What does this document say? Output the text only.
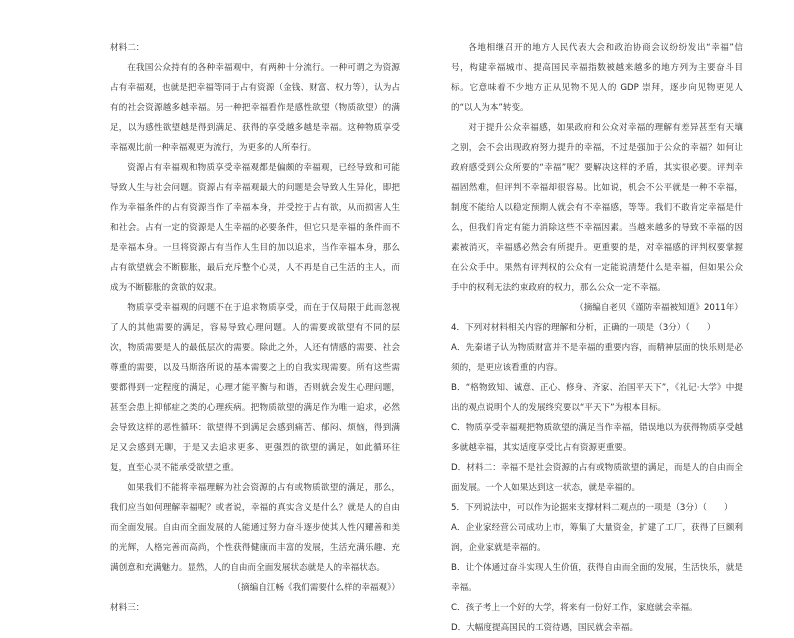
材料二：

在我国公众持有的各种幸福观中，有两种十分流行。一种可谓之为资源占有幸福观，也就是把幸福等同于占有资源（金钱、财富、权力等），认为占有的社会资源越多越幸福。另一种把幸福看作是感性欲望（物质欲望）的满足，以为感性欲望越是得到满足、获得的享受越多越是幸福。这种物质享受幸福观比前一种幸福观更为流行，为更多的人所奉行。

资源占有幸福观和物质享受幸福观都是偏颇的幸福观，已经导致和可能导致人生与社会问题。资源占有幸福观最大的问题是会导致人生异化，即把作为幸福条件的占有资源当作了幸福本身，并受控于占有欲，从而损害人生和社会。占有一定的资源是人生幸福的必要条件，但它只是幸福的条件而不是幸福本身。一旦将资源占有当作人生目的加以追求，当作幸福本身，那么占有欲望就会不断膨胀，最后充斥整个心灵，人不再是自己生活的主人，而成为不断膨胀的贪欲的奴隶。

物质享受幸福观的问题不在于追求物质享受，而在于仅局限于此而忽视了人的其他需要的满足，容易导致心理问题。人的需要或欲望有不同的层次，物质需要是人的最低层次的需要。除此之外，人还有情感的需要、社会尊重的需要，以及马斯洛所说的基本需要之上的自我实现需要。所有这些需要都得到一定程度的满足，心理才能平衡与和谐，否则就会发生心理问题，甚至会患上抑郁症之类的心理疾病。把物质欲望的满足作为唯一追求，必然会导致这样的恶性循环：欲望得不到满足会感到痛苦、郁闷、烦恼，得到满足又会感到无聊，于是又去追求更多、更强烈的欲望的满足，如此循环往复，直至心灵不能承受欲望之重。

如果我们不能将幸福理解为社会资源的占有或物质欲望的满足，那么，我们应当如何理解幸福呢？或者说，幸福的真实含义是什么？就是人的自由而全面发展。自由而全面发展的人能通过努力奋斗逐步使其人性闪耀善和美的光辉，人格完善而高尚，个性获得健康而丰富的发展，生活充满乐趣、充满创意和充满魅力。显然，人的自由而全面发展状态就是人的幸福状态。

（摘编自江畅《我们需要什么样的幸福观》）

材料三：

各地相继召开的地方人民代表大会和政治协商会议纷纷发出“幸福”信号，构建幸福城市、提高国民幸福指数被越来越多的地方列为主要奋斗目标。它意味着不少地方正从见物不见人的 GDP 崇拜，逐步向见物更见人的“以人为本”转变。

对于提升公众幸福感，如果政府和公众对幸福的理解有差异甚至有天壤之别，会不会出现政府努力提升的幸福，不过是强加于公众的幸福？如何让政府感受到公众所要的“幸福”呢？要解决这样的矛盾，其实很必要。评判幸福固然难，但评判不幸福却很容易。比如说，机会不公平就是一种不幸福，制度不能给人以稳定预期人就会有不幸福感，等等。我们不敢肯定幸福是什么，但我们肯定有能力消除这些不幸福因素。当越来越多的导致不幸福的因素被消灭，幸福感必然会有所提升。更重要的是，对幸福感的评判权要掌握在公众手中。果然有评判权的公众有一定能说清楚什么是幸福，但如果公众手中的权利无法约束政府的权力，那么公众一定不幸福。

（摘编自老贝《谨防幸福被知道》2011年）

4．下列对材料相关内容的理解和分析，正确的一项是（3分）（　　）

A．先秦诸子认为物质财富并不是幸福的重要内容，而精神层面的快乐则是必须的，是更应该看重的内容。

B．“格物致知、诚意、正心、修身、齐家、治国平天下”，《礼记·大学》中提出的观点说明个人的发展终究要以“平天下”为根本目标。

C．物质享受幸福观把物质欲望的满足当作幸福，错误地以为获得物质享受越多就越幸福，其实适度享受比占有资源更重要。

D．材料二：幸福不是社会资源的占有或物质欲望的满足，而是人的自由而全面发展。一个人如果达到这一状态，就是幸福的。

5．下列说法中，可以作为论据来支撑材料二观点的一项是（3分）（　　）

A．企业家经营公司成功上市，筹集了大量资金，扩建了工厂，获得了巨额利润，企业家就是幸福的。

B．让个体通过奋斗实现人生价值，获得自由而全面的发展，生活快乐，就是幸福。

C．孩子考上一个好的大学，将来有一份好工作，家庭就会幸福。

D．大幅度提高国民的工资待遇，国民就会幸福。
